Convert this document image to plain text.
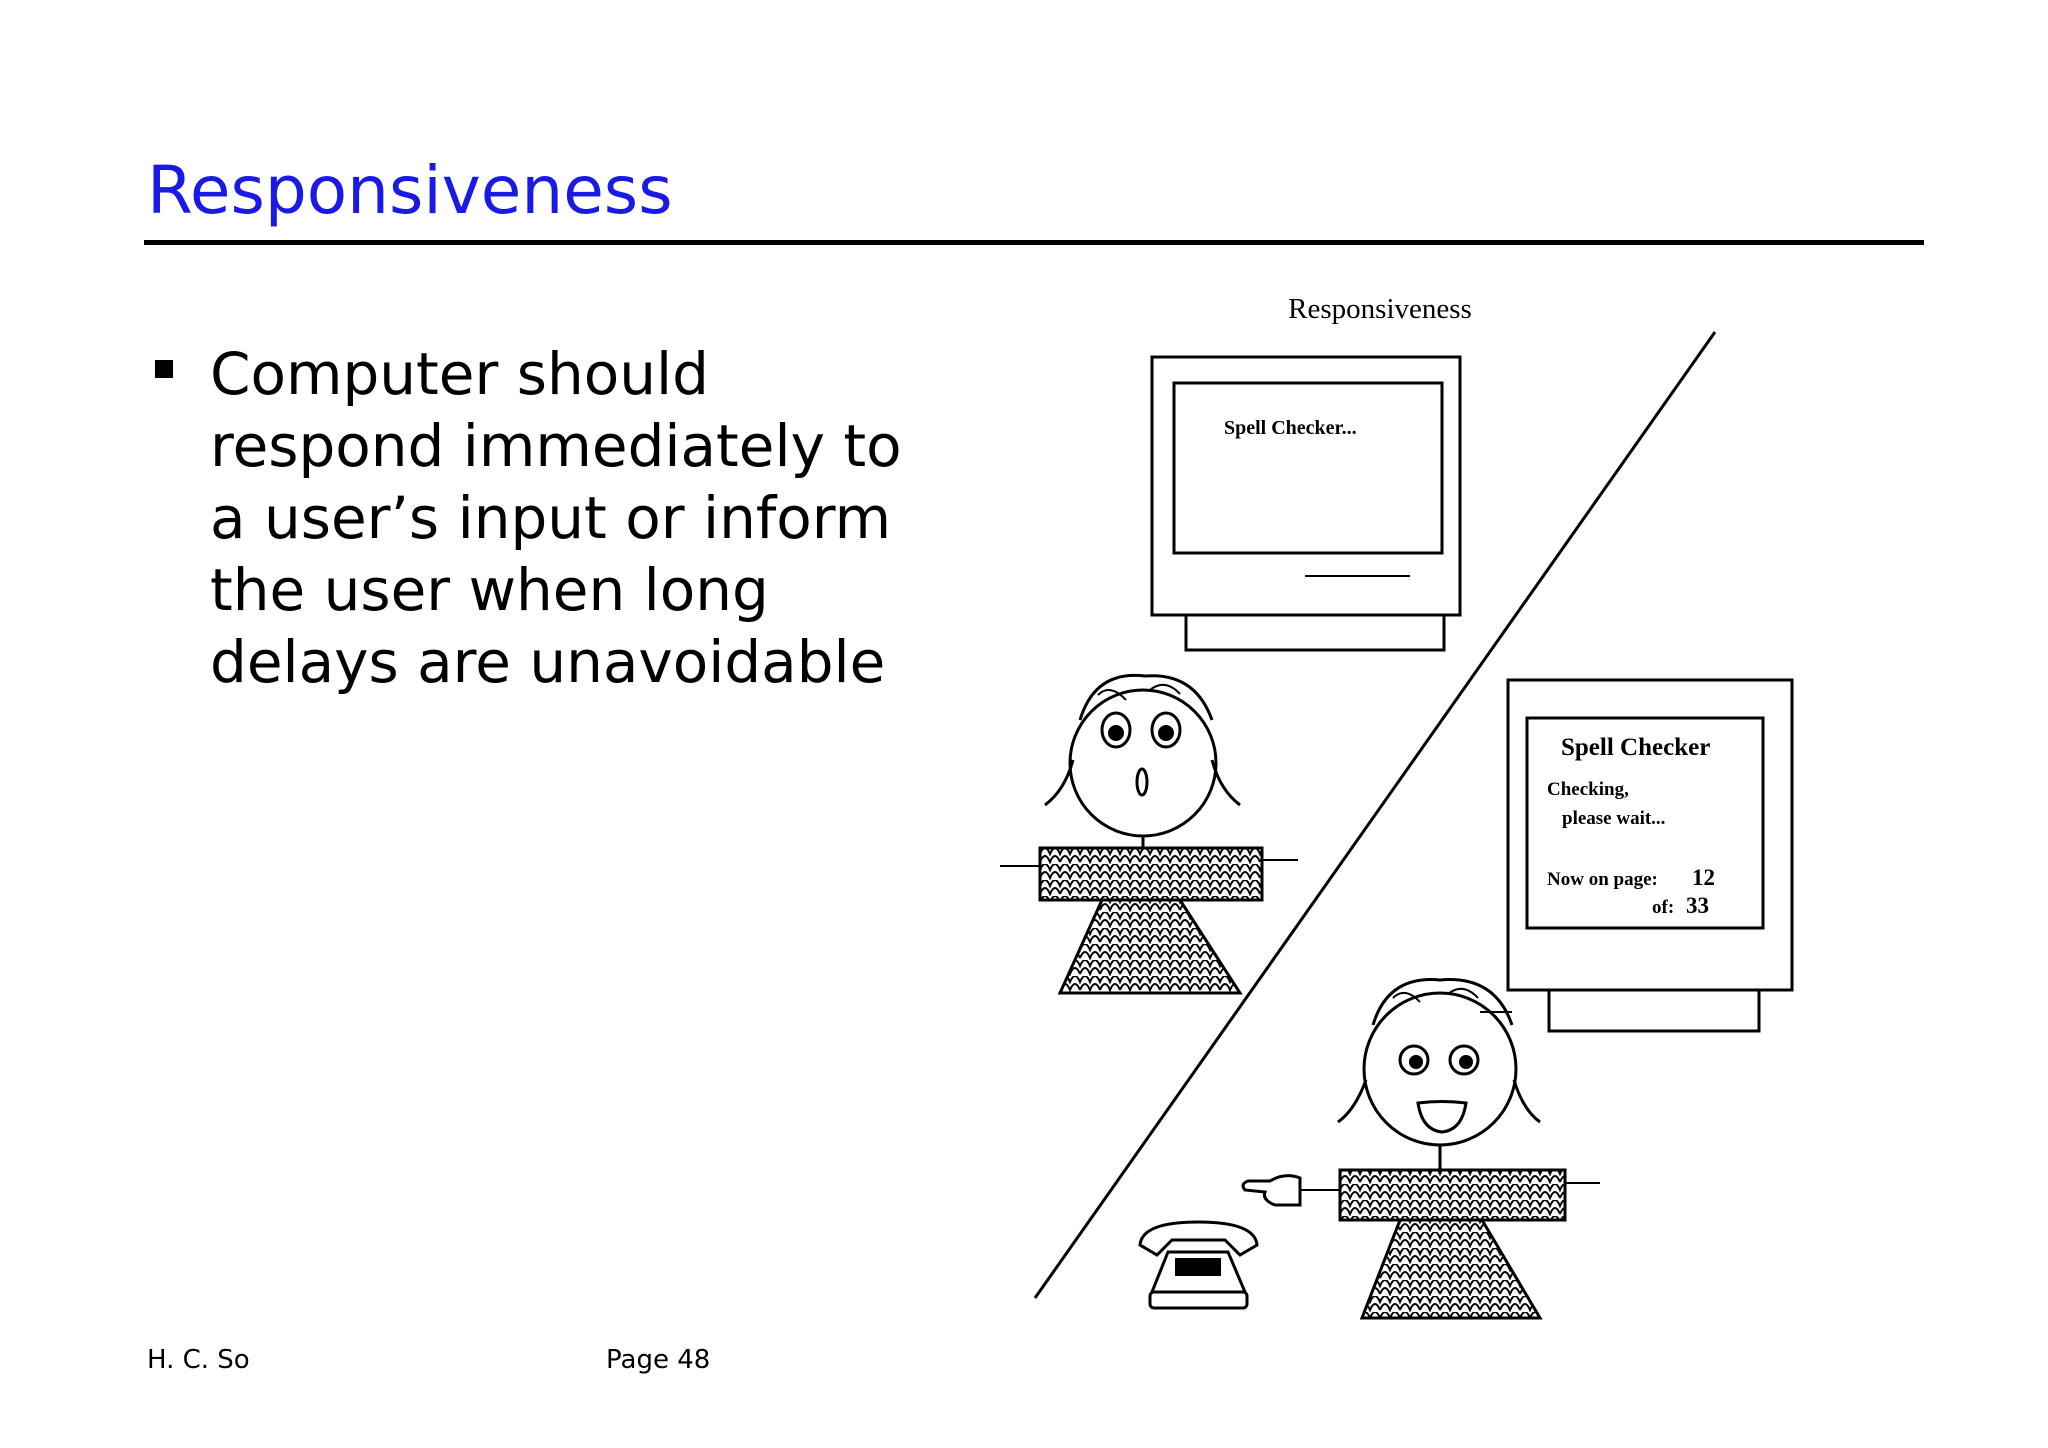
Responsiveness
Computer should respond immediately to a user’s input or inform the user when long delays are unavoidable
Responsiveness
Spell Checker...
Spell Checker
Checking,
please wait...
Now on page: 12
of: 33
H. C. So	Page 48
